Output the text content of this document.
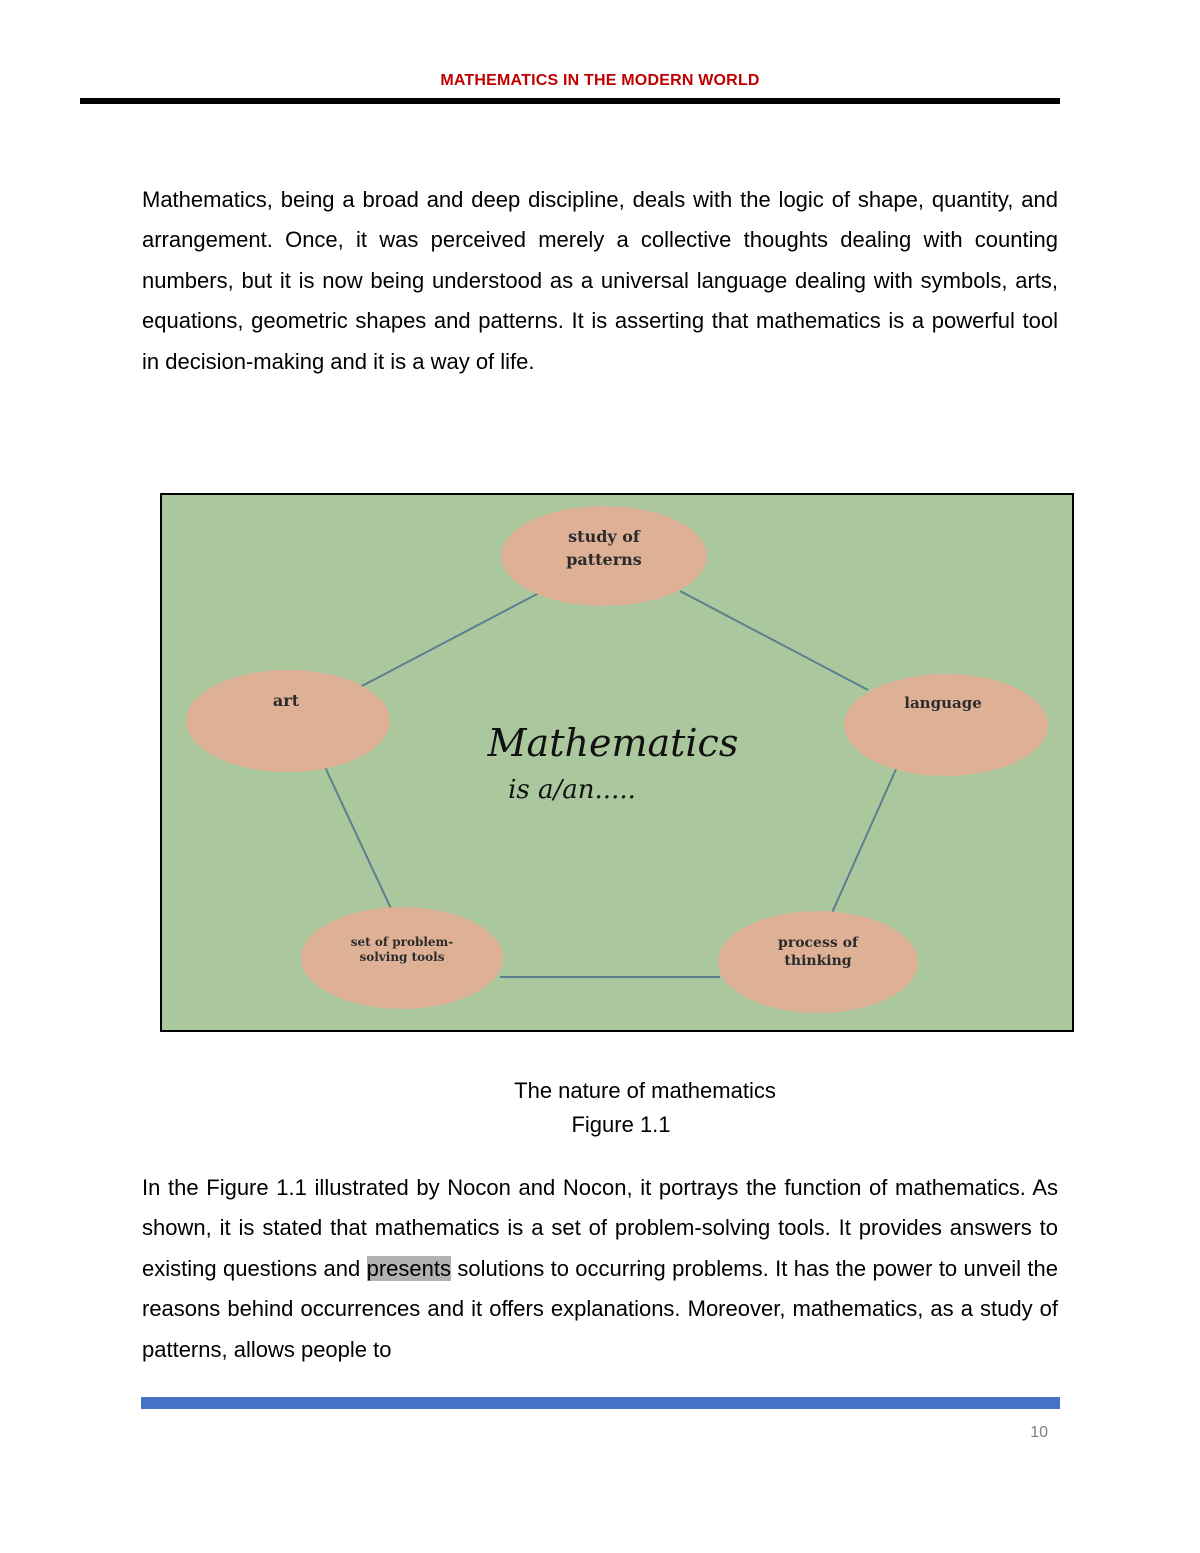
MATHEMATICS IN THE MODERN WORLD

Mathematics, being a broad and deep discipline, deals with the logic of shape, quantity, and arrangement. Once, it was perceived merely a collective thoughts dealing with counting numbers, but it is now being understood as a universal language dealing with symbols, arts, equations, geometric shapes and patterns. It is asserting that mathematics is a powerful tool in decision-making and it is a way of life.

study of
patterns
art	language
set of problem-
solving tools
process of
thinking
Mathematics
is a/an.....
The nature of mathematics
Figure 1.1

In the Figure 1.1 illustrated by Nocon and Nocon, it portrays the function of mathematics. As shown, it is stated that mathematics is a set of problem-solving tools. It provides answers to existing questions and presents solutions to occurring problems. It has the power to unveil the reasons behind occurrences and it offers explanations. Moreover, mathematics, as a study of patterns, allows people to

10
